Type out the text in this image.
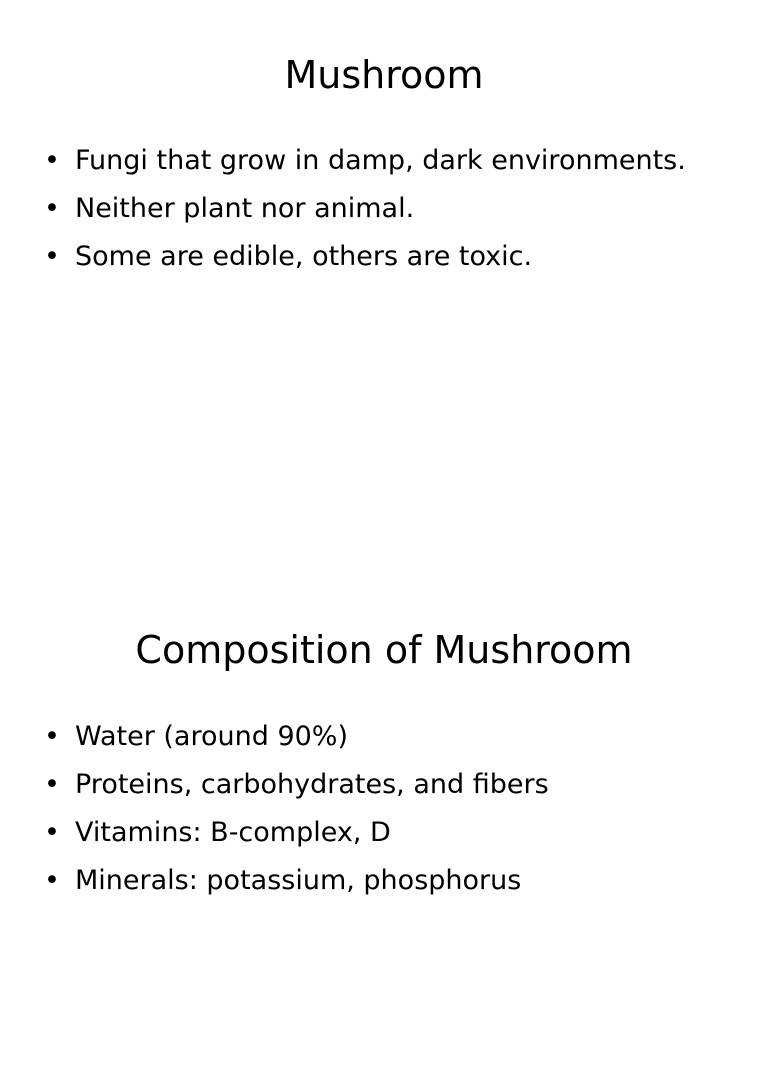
Mushroom
• Fungi that grow in damp, dark environments.
• Neither plant nor animal.
• Some are edible, others are toxic.
Composition of Mushroom
• Water (around 90%)
• Proteins, carbohydrates, and fibers
• Vitamins: B-complex, D
• Minerals: potassium, phosphorus
